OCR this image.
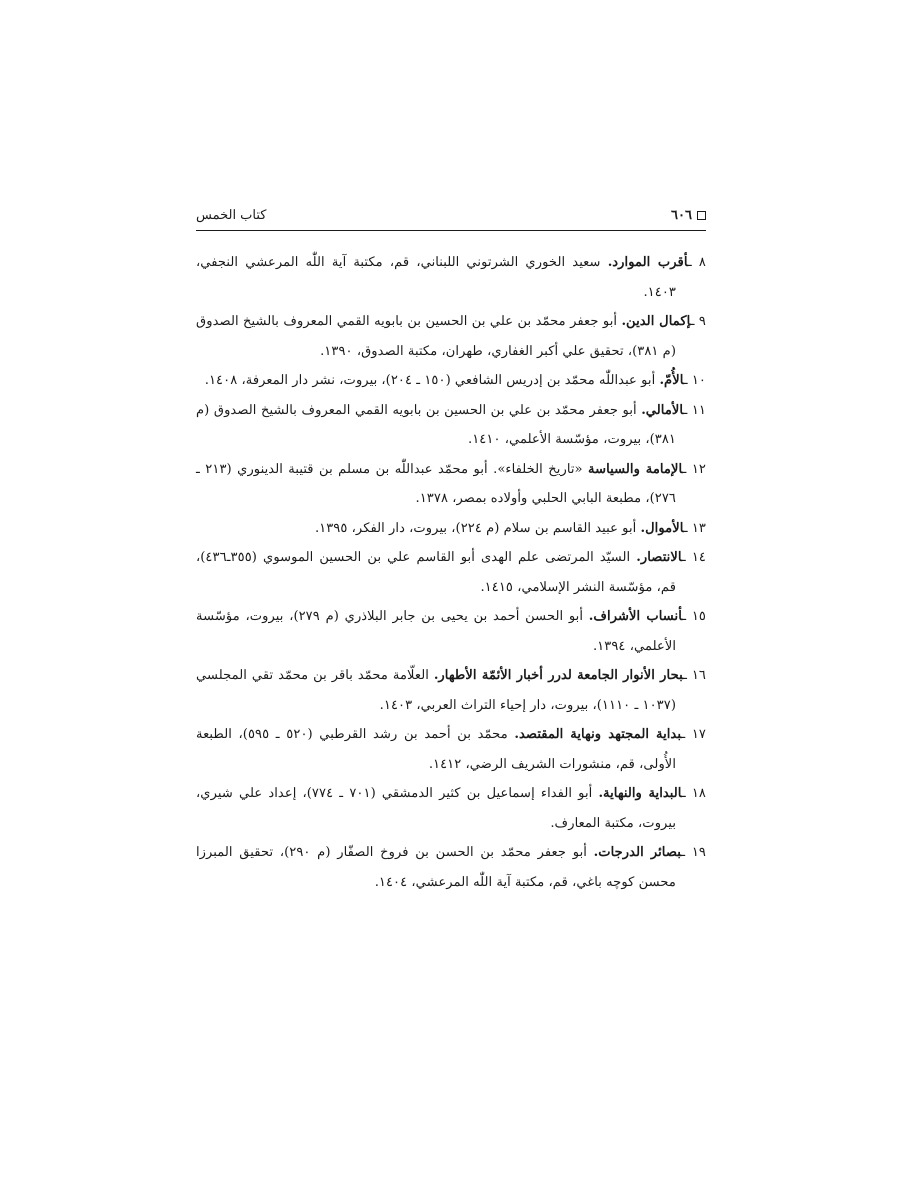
٦٠٦
كتاب الخمس

٨ ـأقرب الموارد. سعيد الخوري الشرتوني اللبناني، قم، مكتبة آية اللّٰه المرعشي النجفي، ١٤٠٣.

٩ ـإكمال الدين. أبو جعفر محمّد بن علي بن الحسين بن بابويه القمي المعروف بالشيخ الصدوق (م ٣٨١)، تحقيق علي أكبر الغفاري، طهران، مكتبة الصدوق، ١٣٩٠.

١٠ ـالأُمّ. أبو عبداللّٰه محمّد بن إدريس الشافعي (١٥٠ ـ ٢٠٤)، بيروت، نشر دار المعرفة، ١٤٠٨.

١١ ـالأمالي. أبو جعفر محمّد بن علي بن الحسين بن بابويه القمي المعروف بالشيخ الصدوق (م ٣٨١)، بيروت، مؤسّسة الأعلمي، ١٤١٠.

١٢ ـالإمامة والسياسة «تاريخ الخلفاء». أبو محمّد عبداللّٰه بن مسلم بن قتيبة الدينوري (٢١٣ ـ ٢٧٦)، مطبعة البابي الحلبي وأولاده بمصر، ١٣٧٨.

١٣ ـالأموال. أبو عبيد القاسم بن سلام (م ٢٢٤)، بيروت، دار الفكر، ١٣٩٥.

١٤ ـالانتصار. السيّد المرتضى علم الهدى أبو القاسم علي بن الحسين الموسوي (٣٥٥ـ٤٣٦)، قم، مؤسّسة النشر الإسلامي، ١٤١٥.

١٥ ـأنساب الأشراف. أبو الحسن أحمد بن يحيى بن جابر البلاذري (م ٢٧٩)، بيروت، مؤسّسة الأعلمي، ١٣٩٤.

١٦ ـبحار الأنوار الجامعة لدرر أخبار الأئمّة الأطهار. العلّامة محمّد باقر بن محمّد تقي المجلسي (١٠٣٧ ـ ١١١٠)، بيروت، دار إحياء التراث العربي، ١٤٠٣.

١٧ ـبداية المجتهد ونهاية المقتصد. محمّد بن أحمد بن رشد القرطبي (٥٢٠ ـ ٥٩٥)، الطبعة الأُولى، قم، منشورات الشريف الرضي، ١٤١٢.

١٨ ـالبداية والنهاية. أبو الفداء إسماعيل بن كثير الدمشقي (٧٠١ ـ ٧٧٤)، إعداد علي شيري، بيروت، مكتبة المعارف.

١٩ ـبصائر الدرجات. أبو جعفر محمّد بن الحسن بن فروخ الصفّار (م ٢٩٠)، تحقيق المبرزا محسن كوچه باغي، قم، مكتبة آية اللّٰه المرعشي، ١٤٠٤.
